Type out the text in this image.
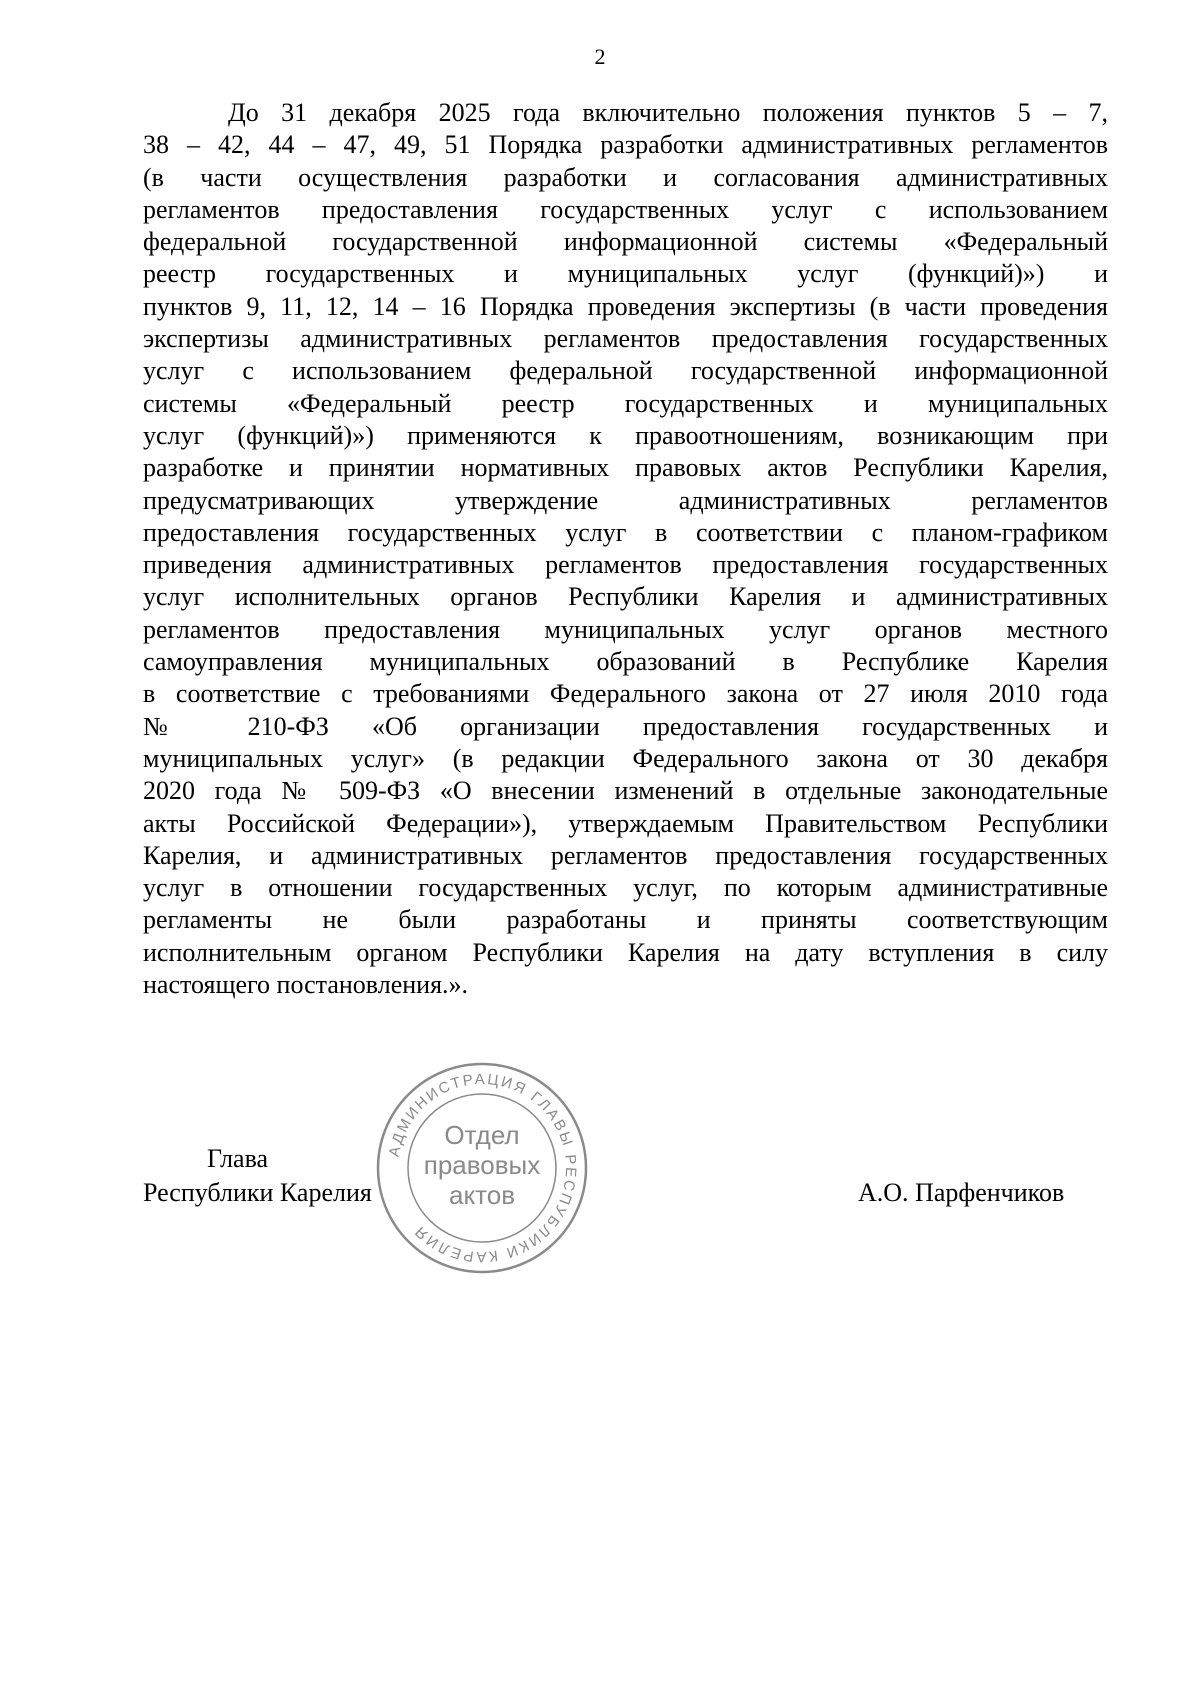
2
До 31 декабря 2025 года включительно положения пунктов 5 – 7,
38 – 42, 44 – 47, 49, 51 Порядка разработки административных регламентов
(в части осуществления разработки и согласования административных
регламентов предоставления государственных услуг с использованием
федеральной государственной информационной системы «Федеральный
реестр государственных и муниципальных услуг (функций)») и
пунктов 9, 11, 12, 14 – 16 Порядка проведения экспертизы (в части проведения
экспертизы административных регламентов предоставления государственных
услуг с использованием федеральной государственной информационной
системы «Федеральный реестр государственных и муниципальных
услуг (функций)») применяются к правоотношениям, возникающим при
разработке и принятии нормативных правовых актов Республики Карелия,
предусматривающих утверждение административных регламентов
предоставления государственных услуг в соответствии с планом-графиком
приведения административных регламентов предоставления государственных
услуг исполнительных органов Республики Карелия и административных
регламентов предоставления муниципальных услуг органов местного
самоуправления муниципальных образований в Республике Карелия
в соответствие с требованиями Федерального закона от 27 июля 2010 года
№ 210-ФЗ «Об организации предоставления государственных и
муниципальных услуг» (в редакции Федерального закона от 30 декабря
2020 года № 509-ФЗ «О внесении изменений в отдельные законодательные
акты Российской Федерации»), утверждаемым Правительством Республики
Карелия, и административных регламентов предоставления государственных
услуг в отношении государственных услуг, по которым административные
регламенты не были разработаны и приняты соответствующим
исполнительным органом Республики Карелия на дату вступления в силу
настоящего постановления.».
Глава
Республики Карелия	А.О. Парфенчиков
АДМИНИСТРАЦИЯ ГЛАВЫ РЕСПУБЛИКИ КАРЕЛИЯ
Отдел
правовых
актов
